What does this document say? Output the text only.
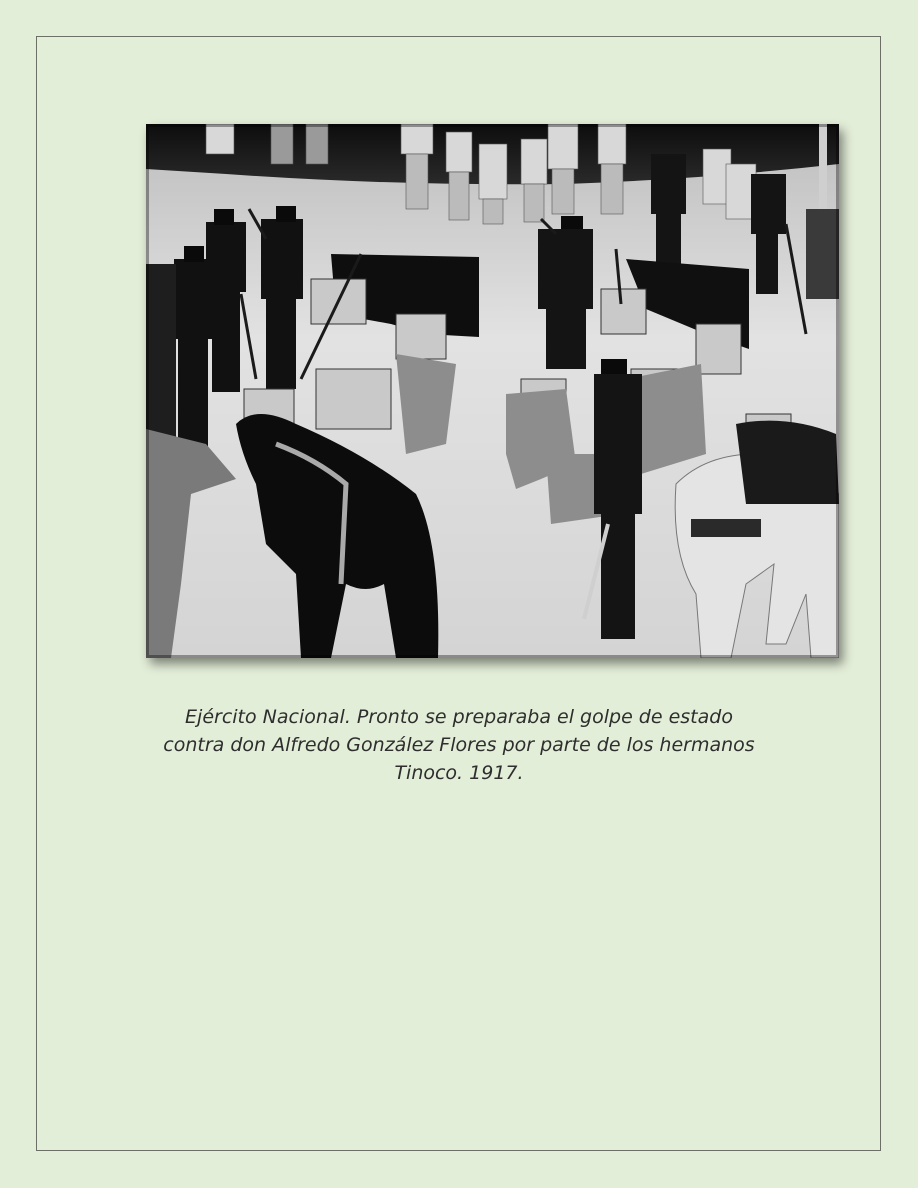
Ejército Nacional. Pronto se preparaba el golpe de estado
contra don Alfredo González Flores por parte de los hermanos
Tinoco. 1917.
